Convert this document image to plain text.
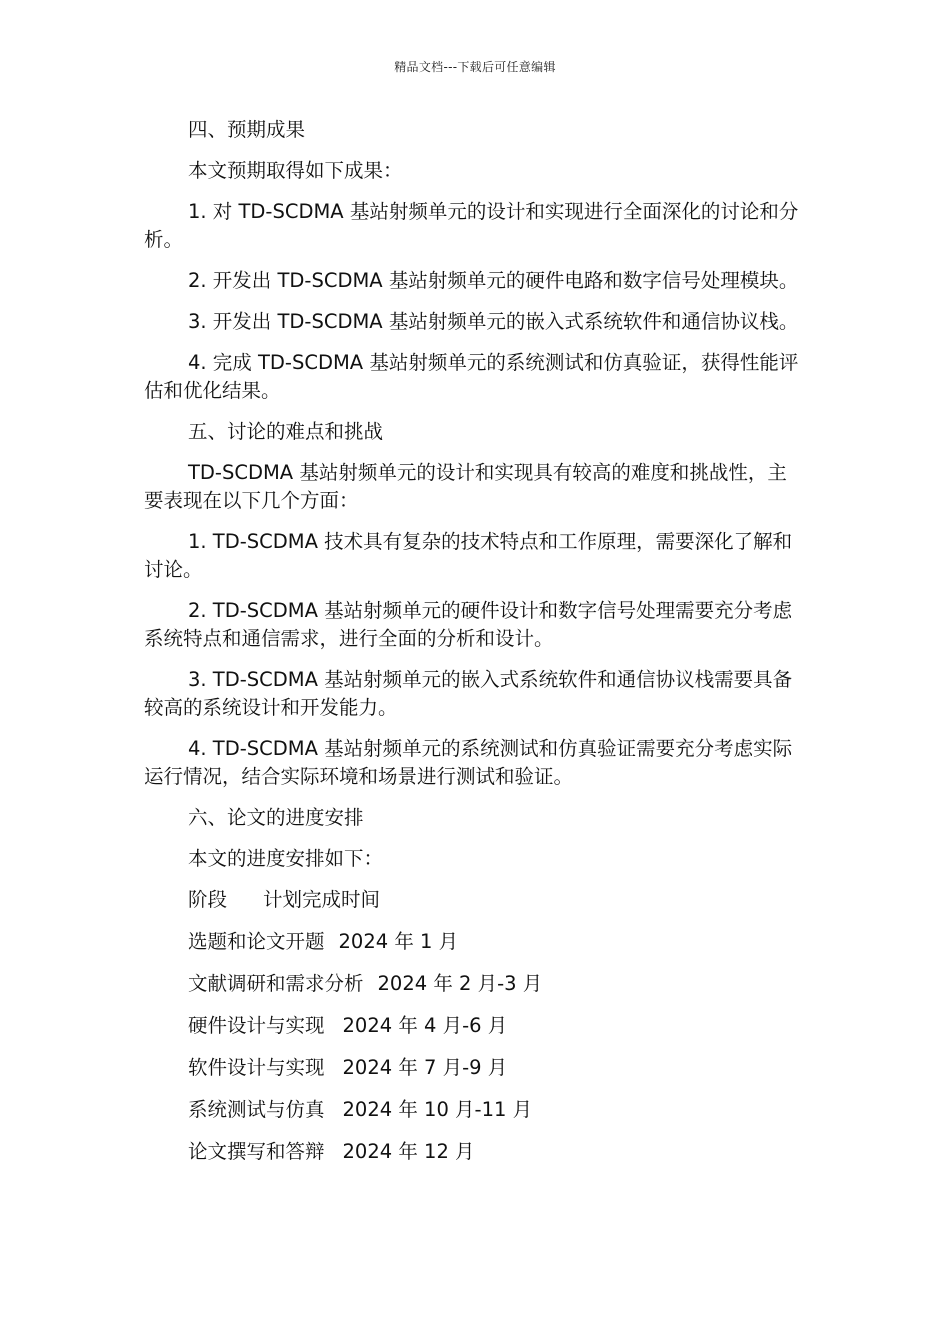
精品文档---下载后可任意编辑

四、预期成果

本文预期取得如下成果：

1. 对 TD-SCDMA 基站射频单元的设计和实现进行全面深化的讨论和分析。

2. 开发出 TD-SCDMA 基站射频单元的硬件电路和数字信号处理模块。

3. 开发出 TD-SCDMA 基站射频单元的嵌入式系统软件和通信协议栈。

4. 完成 TD-SCDMA 基站射频单元的系统测试和仿真验证，获得性能评估和优化结果。

五、讨论的难点和挑战

TD-SCDMA 基站射频单元的设计和实现具有较高的难度和挑战性，主要表现在以下几个方面：

1. TD-SCDMA 技术具有复杂的技术特点和工作原理，需要深化了解和讨论。

2. TD-SCDMA 基站射频单元的硬件设计和数字信号处理需要充分考虑系统特点和通信需求，进行全面的分析和设计。

3. TD-SCDMA 基站射频单元的嵌入式系统软件和通信协议栈需要具备较高的系统设计和开发能力。

4. TD-SCDMA 基站射频单元的系统测试和仿真验证需要充分考虑实际运行情况，结合实际环境和场景进行测试和验证。

六、论文的进度安排

本文的进度安排如下：

阶段 计划完成时间
选题和论文开题 2024 年 1 月
文献调研和需求分析 2024 年 2 月-3 月
硬件设计与实现 2024 年 4 月-6 月
软件设计与实现 2024 年 7 月-9 月
系统测试与仿真 2024 年 10 月-11 月
论文撰写和答辩 2024 年 12 月
